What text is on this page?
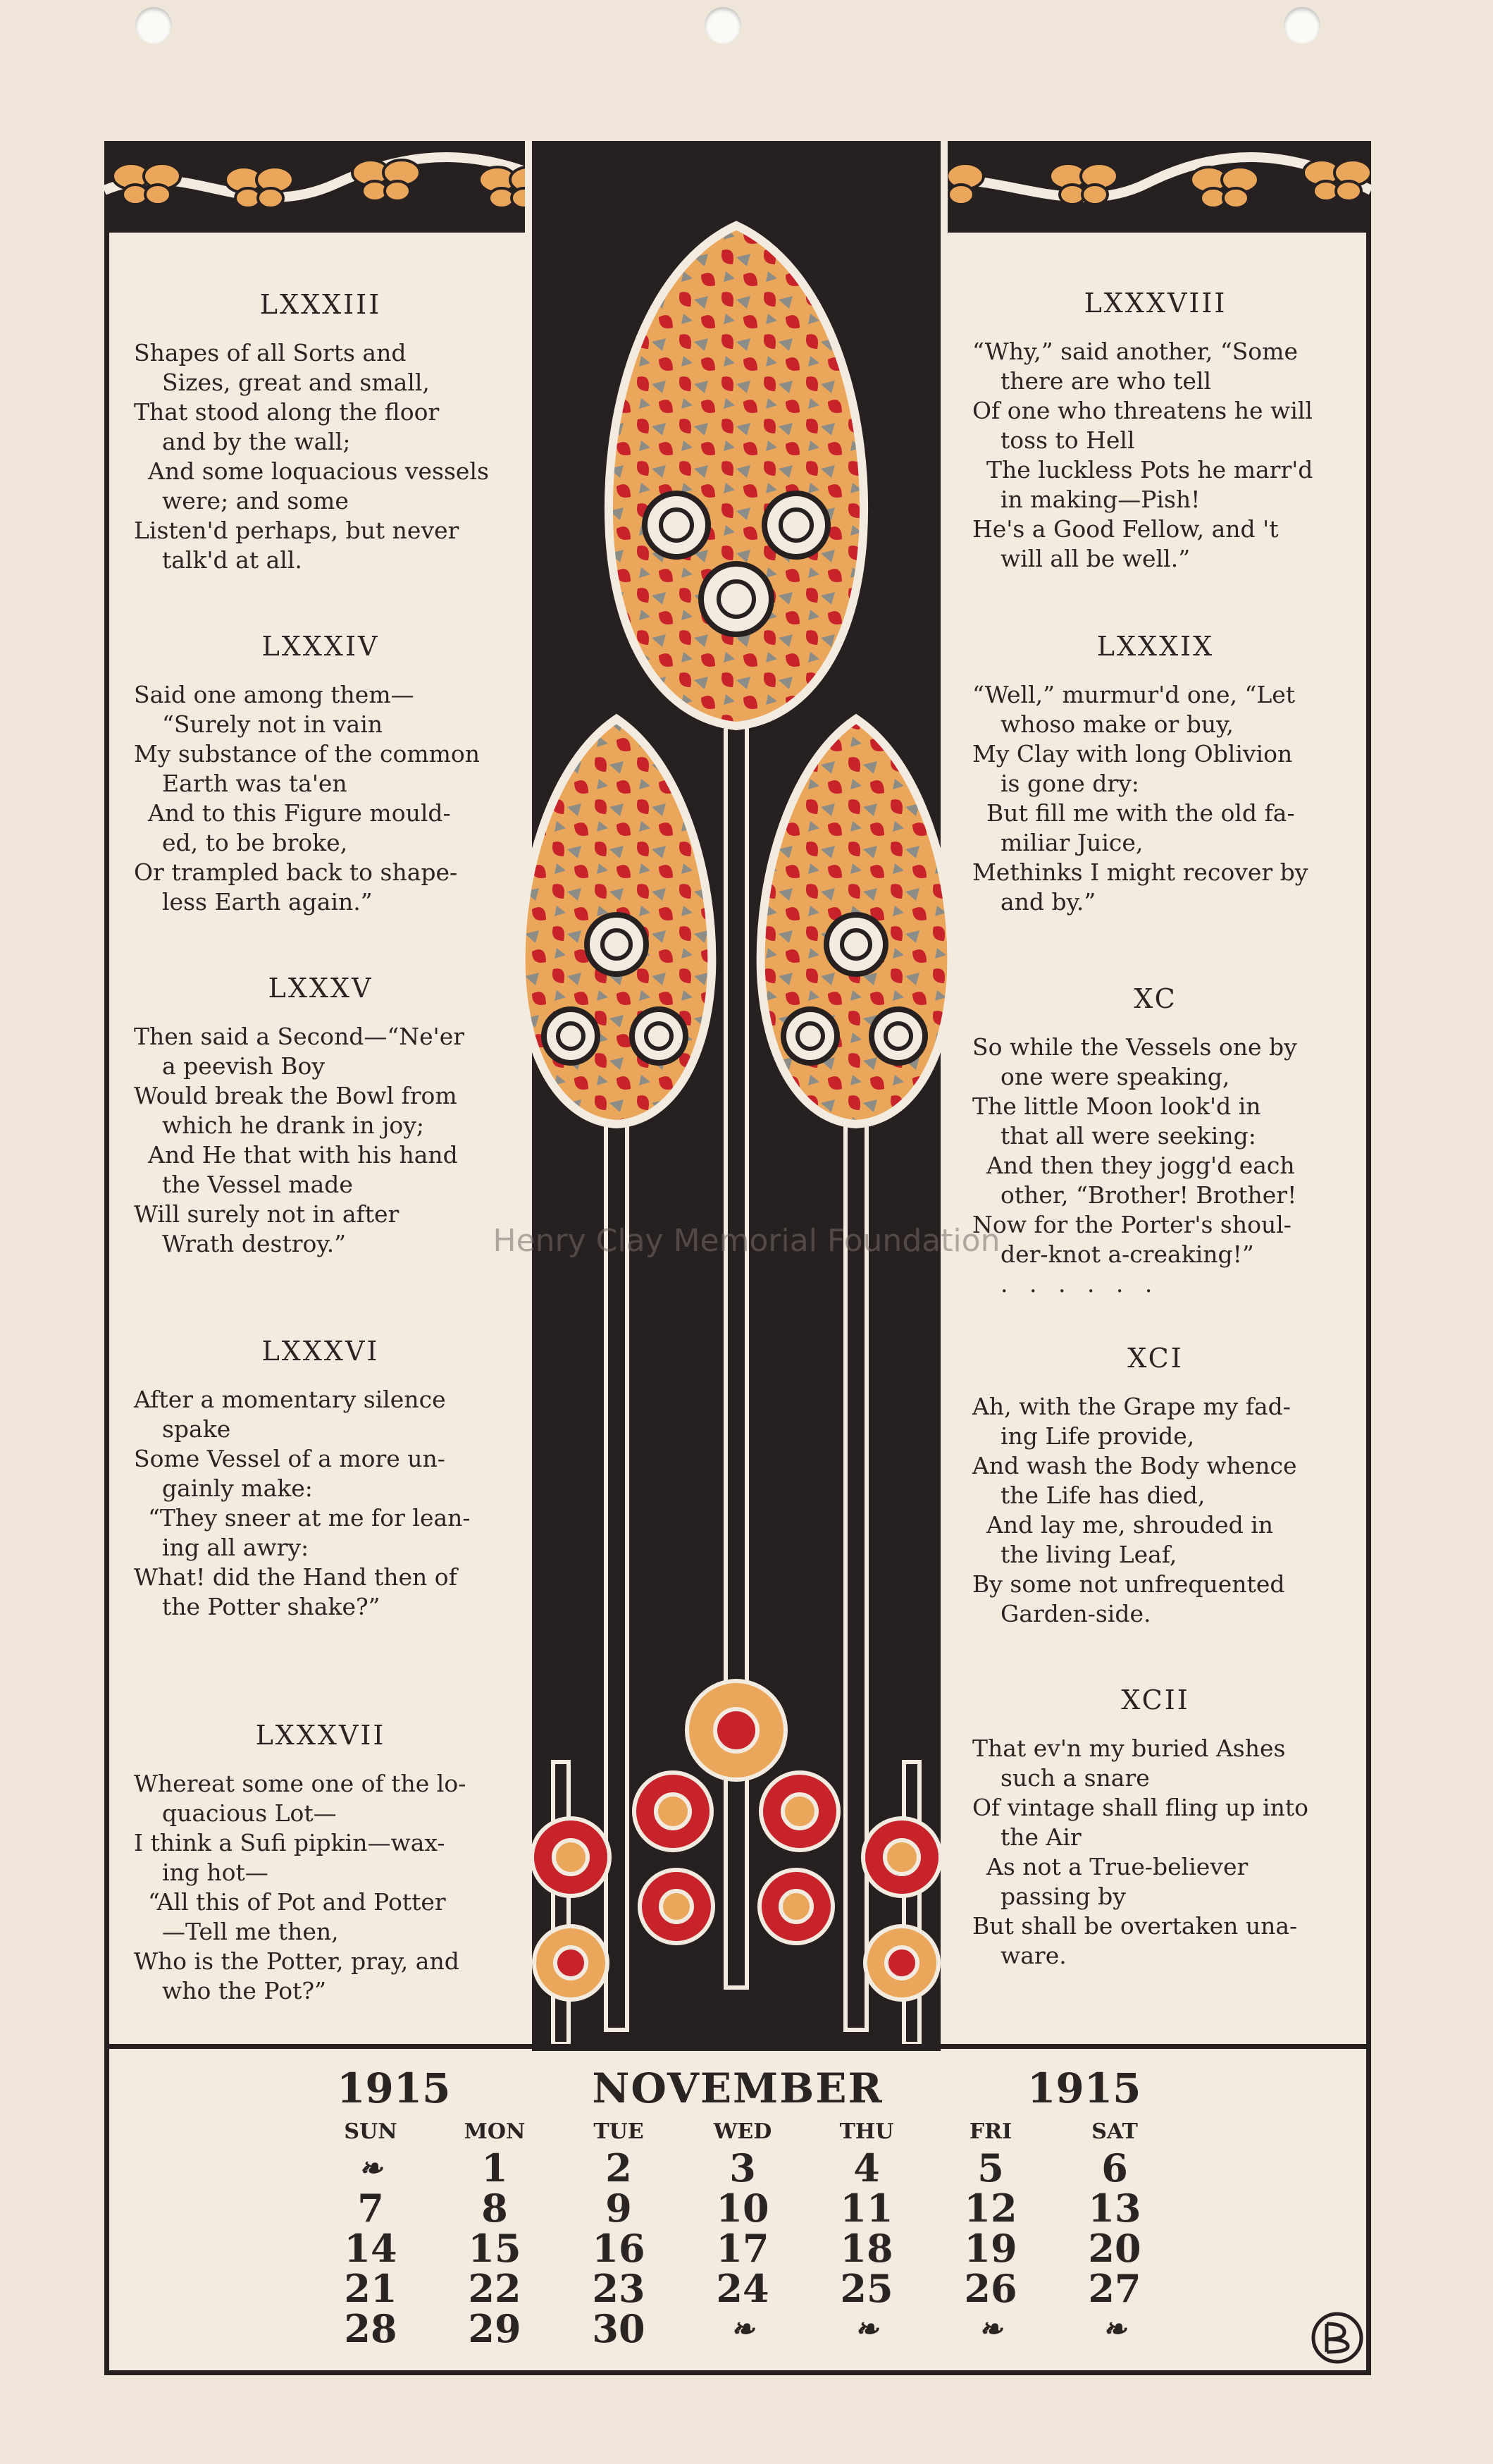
LXXXIII
Shapes of all Sorts and
Sizes, great and small,
That stood along the floor
and by the wall;
And some loquacious vessels
were; and some
Listen'd perhaps, but never
talk'd at all.
LXXXIV
Said one among them—
“Surely not in vain
My substance of the common
Earth was ta'en
And to this Figure mould-
ed, to be broke,
Or trampled back to shape-
less Earth again.”
LXXXV
Then said a Second—“Ne'er
a peevish Boy
Would break the Bowl from
which he drank in joy;
And He that with his hand
the Vessel made
Will surely not in after
Wrath destroy.”
LXXXVI
After a momentary silence
spake
Some Vessel of a more un-
gainly make:
“They sneer at me for lean-
ing all awry:
What! did the Hand then of
the Potter shake?”
LXXXVII
Whereat some one of the lo-
quacious Lot—
I think a Sufi pipkin—wax-
ing hot—
“All this of Pot and Potter
—Tell me then,
Who is the Potter, pray, and
who the Pot?”
LXXXVIII
“Why,” said another, “Some
there are who tell
Of one who threatens he will
toss to Hell
The luckless Pots he marr'd
in making—Pish!
He's a Good Fellow, and 't
will all be well.”
LXXXIX
“Well,” murmur'd one, “Let
whoso make or buy,
My Clay with long Oblivion
is gone dry:
But fill me with the old fa-
miliar Juice,
Methinks I might recover by
and by.”
XC
So while the Vessels one by
one were speaking,
The little Moon look'd in
that all were seeking:
And then they jogg'd each
other, “Brother! Brother!
Now for the Porter's shoul-
der-knot a-creaking!”
. . . . . .
XCI
Ah, with the Grape my fad-
ing Life provide,
And wash the Body whence
the Life has died,
And lay me, shrouded in
the living Leaf,
By some not unfrequented
Garden-side.
XCII
That ev'n my buried Ashes
such a snare
Of vintage shall fling up into
the Air
As not a True-believer
passing by
But shall be overtaken una-
ware.
Henry Clay Memorial Foundation
NOVEMBER
1915	1915
SUN	MON	TUE	WED	THU	FRI	SAT
❧	1	2	3	4	5	6
7	8	9	10	11	12	13
14	15	16	17	18	19	20
21	22	23	24	25	26	27
28	29	30	❧	❧	❧	❧
